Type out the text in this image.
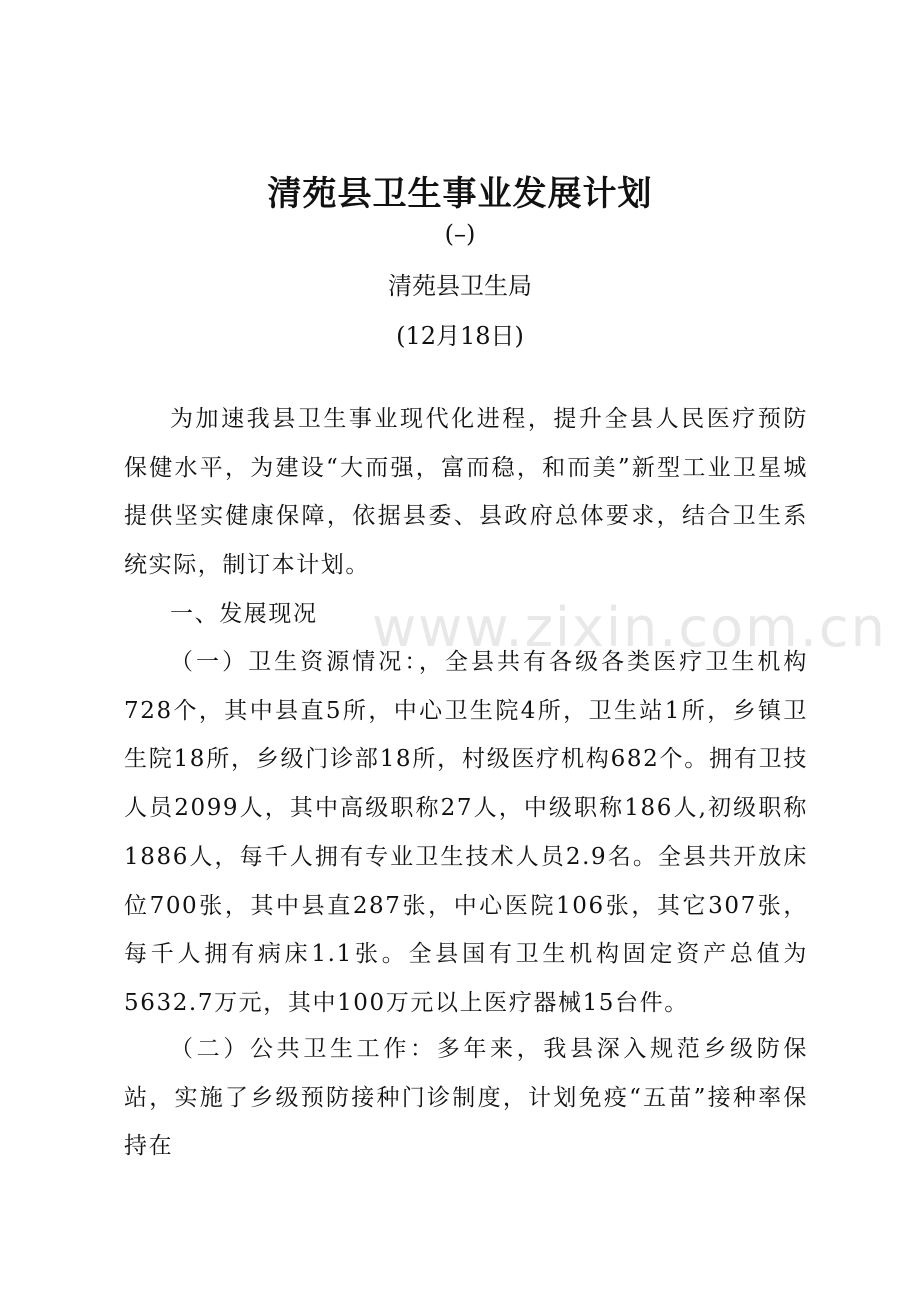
清苑县卫生事业发展计划
(–)
清苑县卫生局
(12月18日)

为加速我县卫生事业现代化进程，提升全县人民医疗预防保健水平，为建设“大而强，富而稳，和而美”新型工业卫星城提供坚实健康保障，依据县委、县政府总体要求，结合卫生系统实际，制订本计划。

一、发展现况

（一）卫生资源情况：，全县共有各级各类医疗卫生机构728个，其中县直5所，中心卫生院4所，卫生站1所，乡镇卫生院18所，乡级门诊部18所，村级医疗机构682个。拥有卫技人员2099人，其中高级职称27人，中级职称186人,初级职称1886人，每千人拥有专业卫生技术人员2.9名。全县共开放床位700张，其中县直287张，中心医院106张，其它307张，每千人拥有病床1.1张。全县国有卫生机构固定资产总值为5632.7万元，其中100万元以上医疗器械15台件。

（二）公共卫生工作：多年来，我县深入规范乡级防保站，实施了乡级预防接种门诊制度，计划免疫“五苗”接种率保持在

www.zixin.com.cn
